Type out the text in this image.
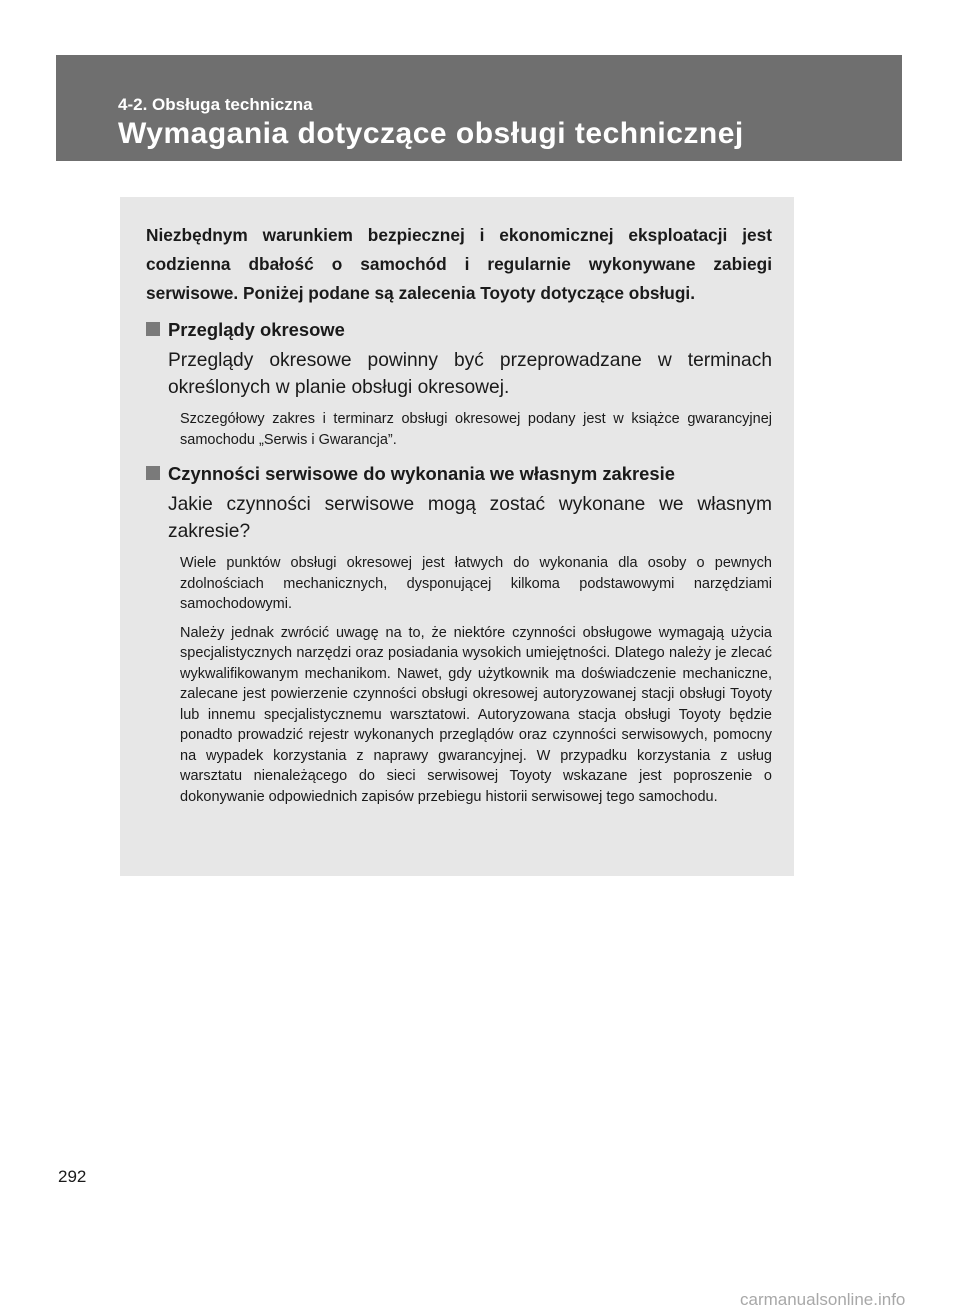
4-2. Obsługa techniczna
Wymagania dotyczące obsługi technicznej

Niezbędnym warunkiem bezpiecznej i ekonomicznej eksploatacji jest codzienna dbałość o samochód i regularnie wykonywane zabiegi serwisowe. Poniżej podane są zalecenia Toyoty dotyczące obsługi.

Przeglądy okresowe

Przeglądy okresowe powinny być przeprowadzane w terminach określonych w planie obsługi okresowej.

Szczegółowy zakres i terminarz obsługi okresowej podany jest w książce gwarancyjnej samochodu „Serwis i Gwarancja”.

Czynności serwisowe do wykonania we własnym zakresie

Jakie czynności serwisowe mogą zostać wykonane we własnym zakresie?

Wiele punktów obsługi okresowej jest łatwych do wykonania dla osoby o pewnych zdolnościach mechanicznych, dysponującej kilkoma podstawowymi narzędziami samochodowymi.

Należy jednak zwrócić uwagę na to, że niektóre czynności obsługowe wymagają użycia specjalistycznych narzędzi oraz posiadania wysokich umiejętności. Dlatego należy je zlecać wykwalifikowanym mechanikom. Nawet, gdy użytkownik ma doświadczenie mechaniczne, zalecane jest powierzenie czynności obsługi okresowej autoryzowanej stacji obsługi Toyoty lub innemu specjalistycznemu warsztatowi. Autoryzowana stacja obsługi Toyoty będzie ponadto prowadzić rejestr wykonanych przeglądów oraz czynności serwisowych, pomocny na wypadek korzystania z naprawy gwarancyjnej. W przypadku korzystania z usług warsztatu nienależącego do sieci serwisowej Toyoty wskazane jest poproszenie o dokonywanie odpowiednich zapisów przebiegu historii serwisowej tego samochodu.

292
carmanualsonline.info
